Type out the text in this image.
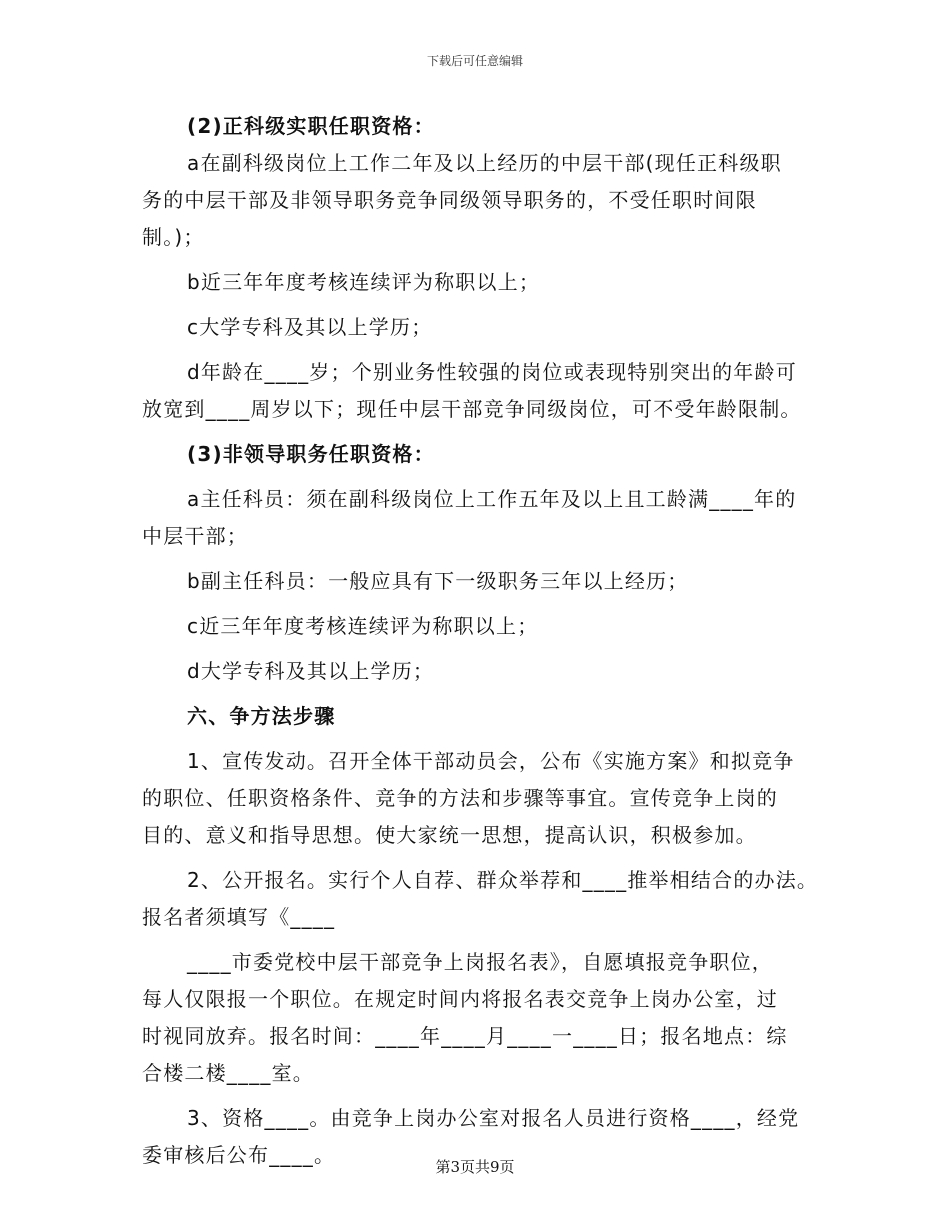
下载后可任意编辑
(2)正科级实职任职资格：
a在副科级岗位上工作二年及以上经历的中层干部(现任正科级职
务的中层干部及非领导职务竞争同级领导职务的，不受任职时间限
制。)；
b近三年年度考核连续评为称职以上；
c大学专科及其以上学历；
d年龄在____岁；个别业务性较强的岗位或表现特别突出的年龄可
放宽到____周岁以下；现任中层干部竞争同级岗位，可不受年龄限制。
(3)非领导职务任职资格：
a主任科员：须在副科级岗位上工作五年及以上且工龄满____年的
中层干部；
b副主任科员：一般应具有下一级职务三年以上经历；
c近三年年度考核连续评为称职以上；
d大学专科及其以上学历；
六、争方法步骤
1、宣传发动。召开全体干部动员会，公布《实施方案》和拟竞争
的职位、任职资格条件、竞争的方法和步骤等事宜。宣传竞争上岗的
目的、意义和指导思想。使大家统一思想，提高认识，积极参加。
2、公开报名。实行个人自荐、群众举荐和____推举相结合的办法。
报名者须填写《____
____市委党校中层干部竞争上岗报名表》，自愿填报竞争职位，
每人仅限报一个职位。在规定时间内将报名表交竞争上岗办公室，过
时视同放弃。报名时间：____年____月____一____日；报名地点：综
合楼二楼____室。
3、资格____。由竞争上岗办公室对报名人员进行资格____，经党
委审核后公布____。	第3页共9页
